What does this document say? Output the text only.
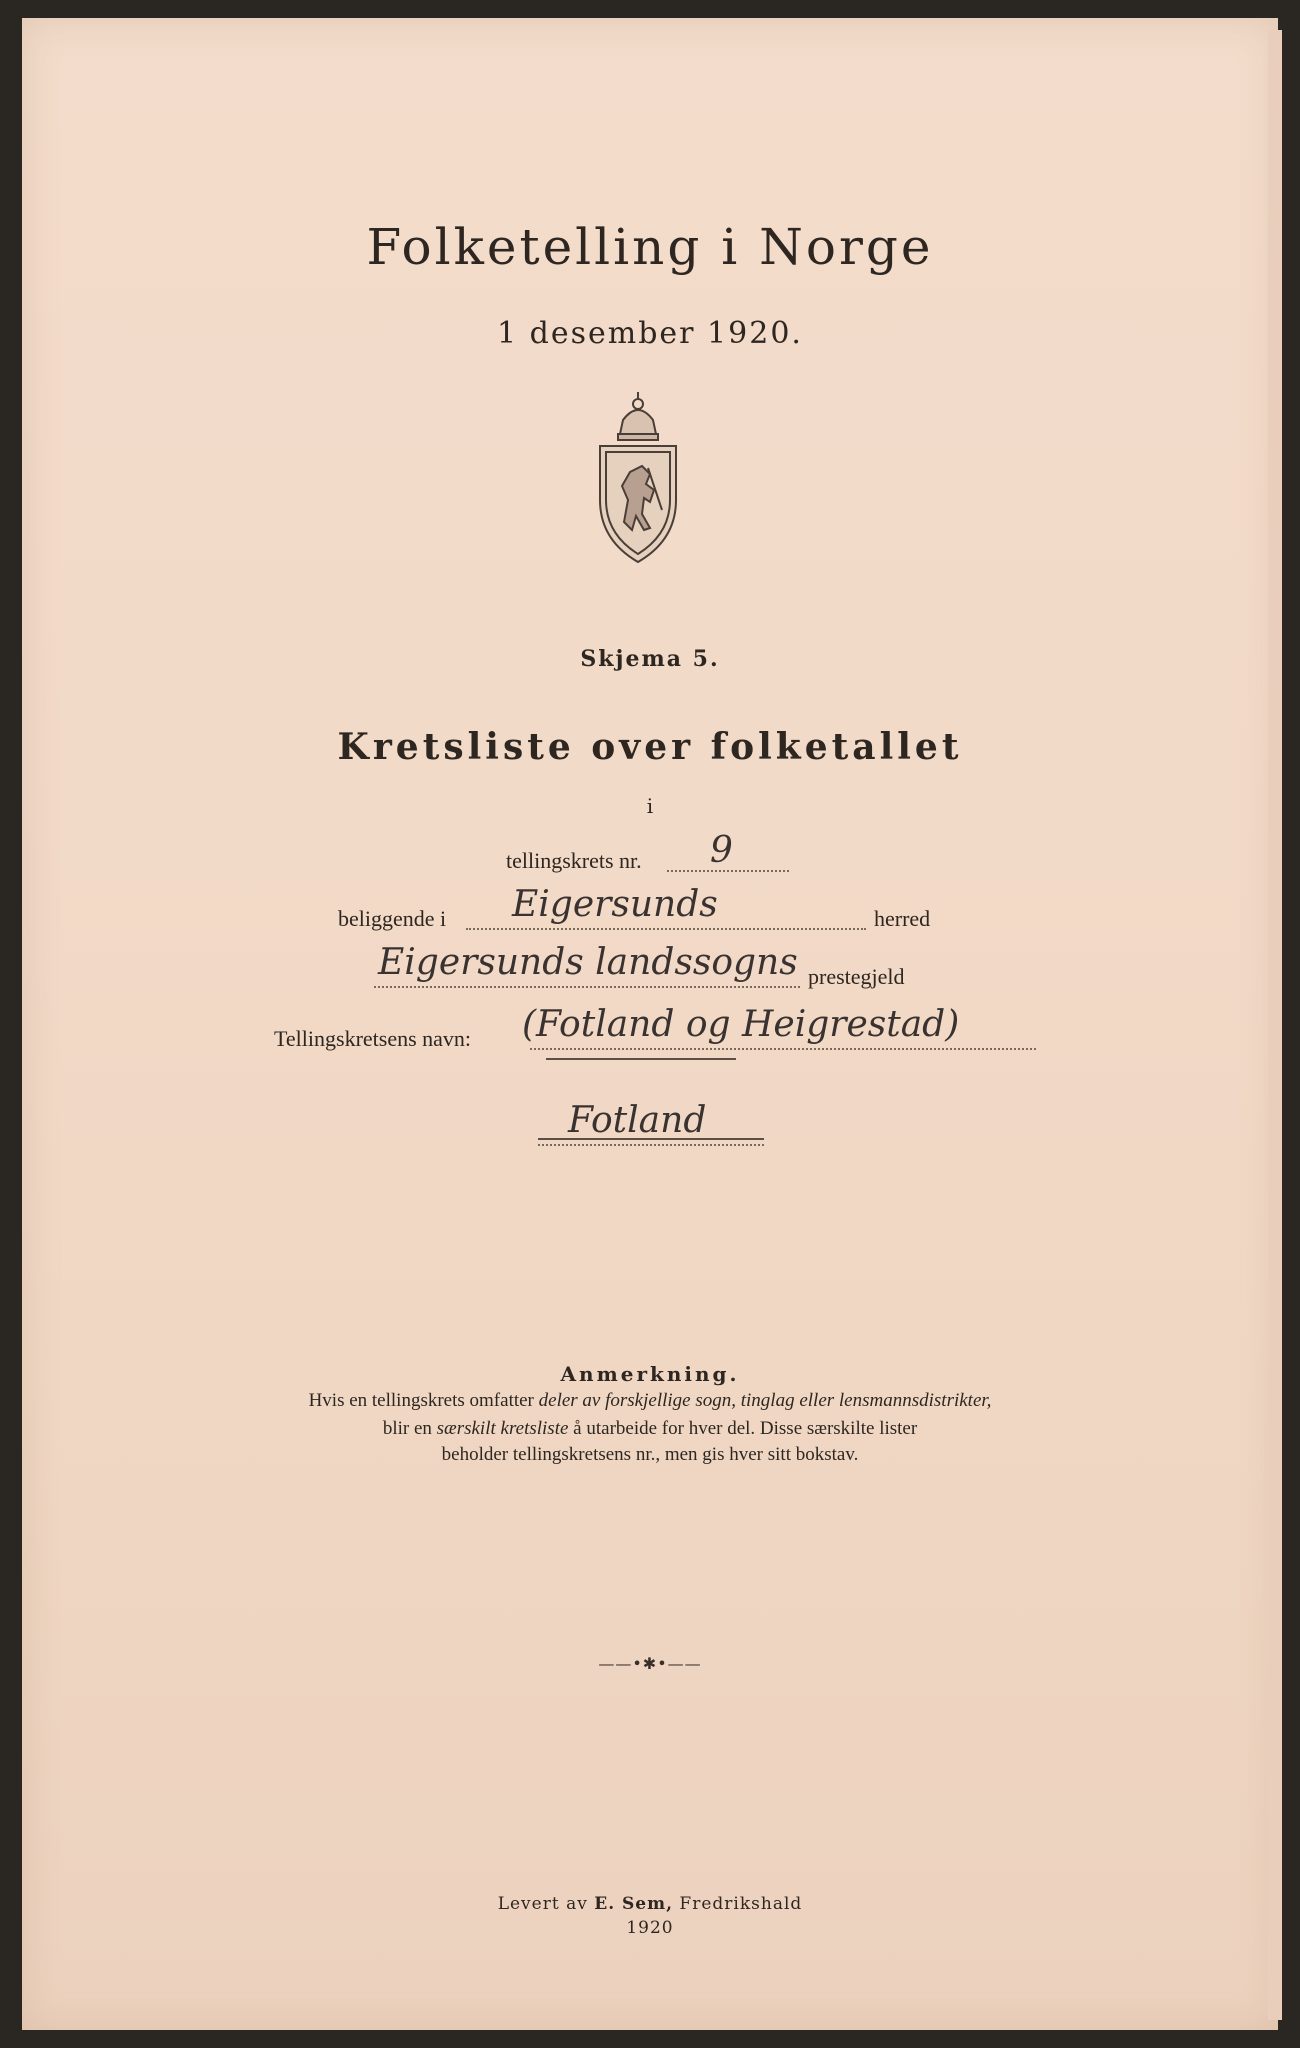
Folketelling i Norge
1 desember 1920.
Skjema 5.
Kretsliste over folketallet
i
tellingskrets nr. 9
beliggende i Eigersunds	herred
Eigersunds landssogns prestegjeld
Tellingskretsens navn: (Fotland og Heigrestad)
Fotland
Anmerkning.
Hvis en tellingskrets omfatter deler av forskjellige sogn, tinglag eller lensmannsdistrikter,
blir en særskilt kretsliste å utarbeide for hver del. Disse særskilte lister
beholder tellingskretsens nr., men gis hver sitt bokstav.
——•✱•——
Levert av E. Sem, Fredrikshald
1920
